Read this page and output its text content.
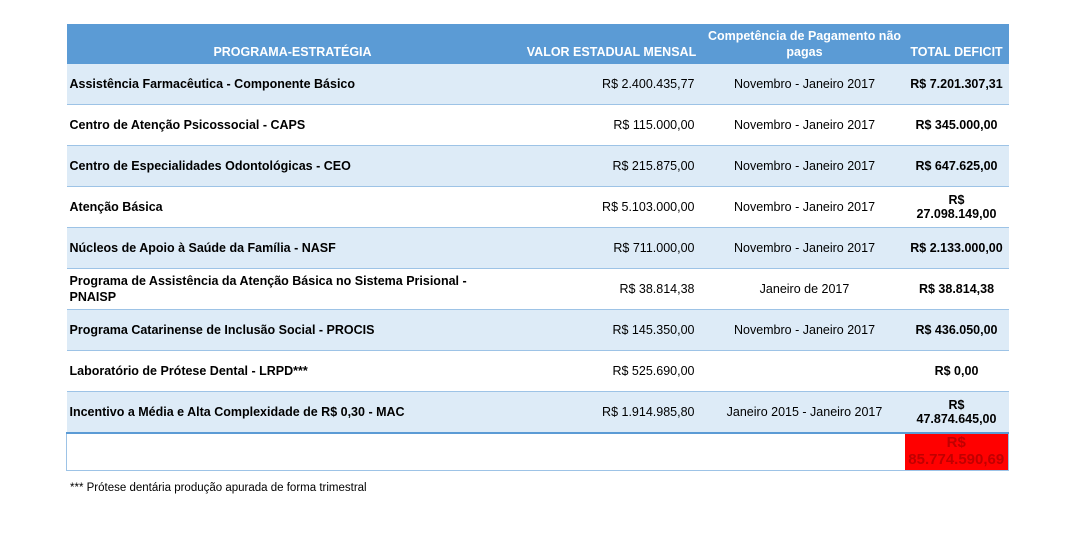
PROGRAMA-ESTRATÉGIA	VALOR ESTADUAL MENSAL	Competência de Pagamento não pagas	TOTAL DEFICIT
Assistência Farmacêutica - Componente Básico	R$ 2.400.435,77	Novembro - Janeiro 2017	R$ 7.201.307,31
Centro de Atenção Psicossocial - CAPS	R$ 115.000,00	Novembro - Janeiro 2017	R$ 345.000,00
Centro de Especialidades Odontológicas - CEO	R$ 215.875,00	Novembro - Janeiro 2017	R$ 647.625,00
Atenção Básica	R$ 5.103.000,00	Novembro - Janeiro 2017	R$ 27.098.149,00
Núcleos de Apoio à Saúde da Família - NASF	R$ 711.000,00	Novembro - Janeiro 2017	R$ 2.133.000,00
Programa de Assistência da Atenção Básica no Sistema Prisional - PNAISP	R$ 38.814,38	Janeiro de 2017	R$ 38.814,38
Programa Catarinense de Inclusão Social - PROCIS	R$ 145.350,00	Novembro - Janeiro 2017	R$ 436.050,00
Laboratório de Prótese Dental - LRPD***	R$ 525.690,00		R$ 0,00
Incentivo a Média e Alta Complexidade de R$ 0,30 - MAC	R$ 1.914.985,80	Janeiro 2015 - Janeiro 2017	R$ 47.874.645,00
			R$ 85.774.590,69
*** Prótese dentária produção apurada de forma trimestral
